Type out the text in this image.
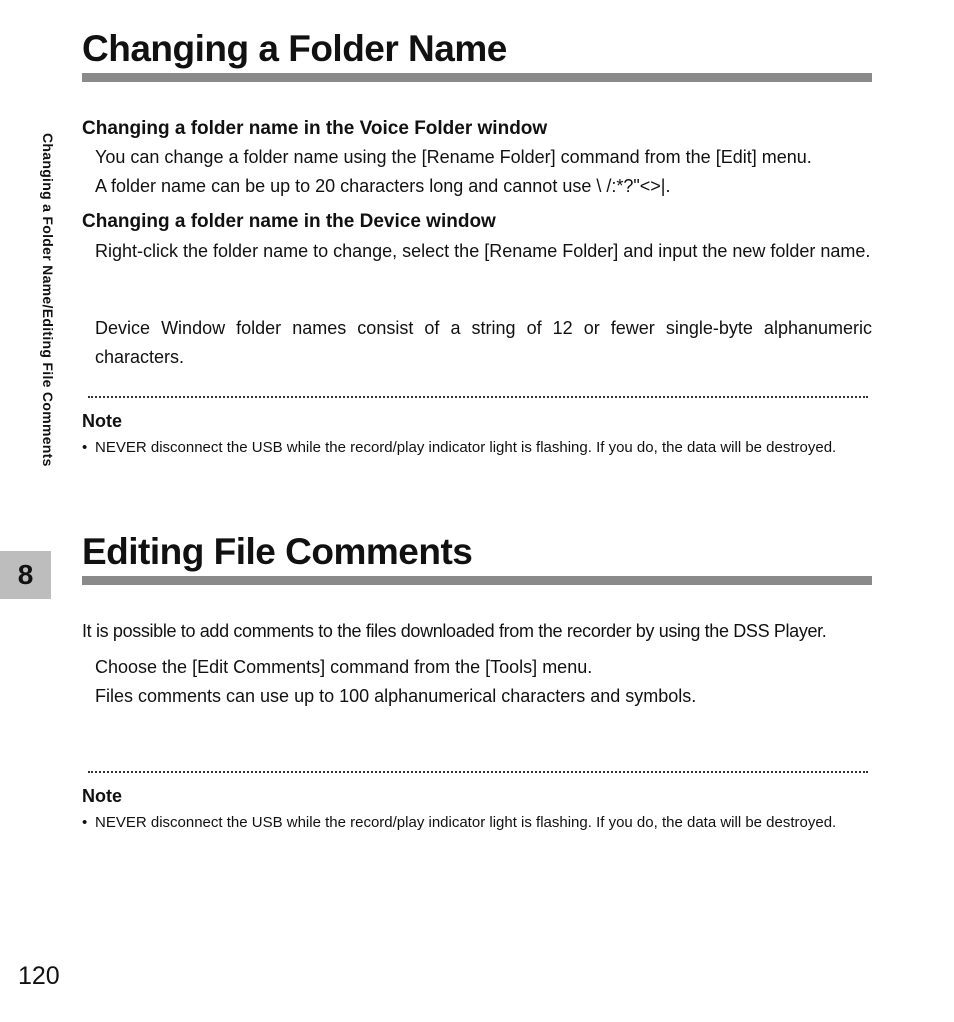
Changing a Folder Name/Editing File Comments
8
Changing a Folder Name
Changing a folder name in the Voice Folder window

You can change a folder name using the [Rename Folder] command from the [Edit] menu.

A folder name can be up to 20 characters long and cannot use \ /:*?"<>|.

Changing a folder name in the Device window

Right-click the folder name to change, select the [Rename Folder] and input the new folder name.

Device Window folder names consist of a string of 12 or fewer single-byte alphanumeric characters.

Note

• NEVER disconnect the USB while the record/play indicator light is flashing. If you do, the data will be destroyed.

Editing File Comments

It is possible to add comments to the files downloaded from the recorder by using the DSS Player.

Choose the [Edit Comments] command from the [Tools] menu.

Files comments can use up to 100 alphanumerical characters and symbols.

Note

• NEVER disconnect the USB while the record/play indicator light is flashing. If you do, the data will be destroyed.

120
